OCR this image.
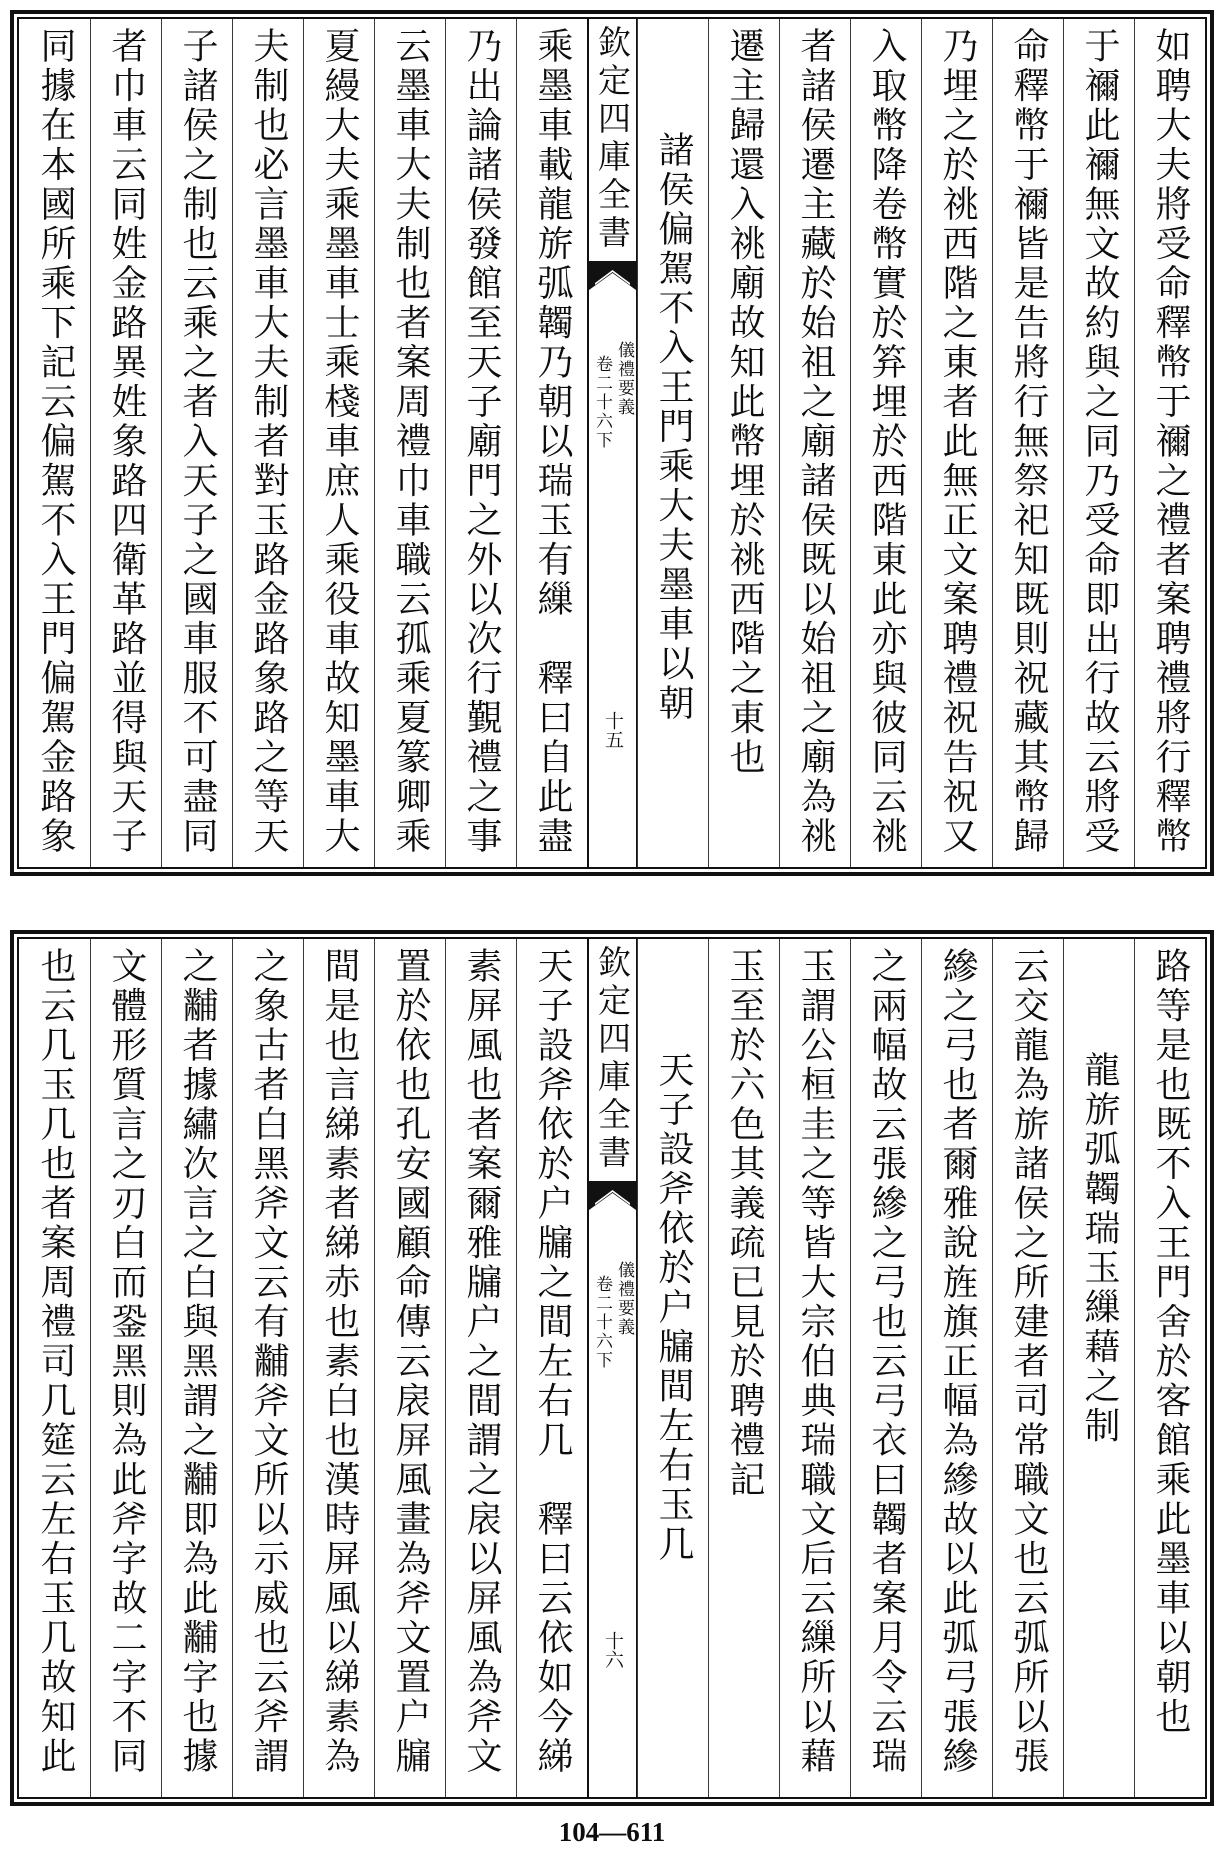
如聘大夫將受命釋幣于禰之禮者案聘禮將行釋幣
于禰此禰無文故約與之同乃受命即出行故云將受
命釋幣于禰皆是告將行無祭祀知既則祝藏其幣歸
乃埋之於祧西階之東者此無正文案聘禮祝告祝又
入取幣降卷幣實於笲埋於西階東此亦與彼同云祧
者諸侯遷主藏於始祖之廟諸侯既以始祖之廟為祧
遷主歸還入祧廟故知此幣埋於祧西階之東也
諸侯偏駕不入王門乘大夫墨車以朝
欽定四庫全書
儀禮要義
卷二十六下
十五
乘墨車載龍旂弧韣乃朝以瑞玉有繅　釋曰自此盡
乃出論諸侯發館至天子廟門之外以次行覲禮之事
云墨車大夫制也者案周禮巾車職云孤乘夏篆卿乘
夏縵大夫乘墨車士乘棧車庶人乘役車故知墨車大
夫制也必言墨車大夫制者對玉路金路象路之等天
子諸侯之制也云乘之者入天子之國車服不可盡同
者巾車云同姓金路異姓象路四衛革路並得與天子
同據在本國所乘下記云偏駕不入王門偏駕金路象
路等是也既不入王門舍於客館乘此墨車以朝也
龍旂弧韣瑞玉繅藉之制
云交龍為旂諸侯之所建者司常職文也云弧所以張
縿之弓也者爾雅說旌旗正幅為縿故以此弧弓張縿
之兩幅故云張縿之弓也云弓衣曰韣者案月令云瑞
玉謂公桓圭之等皆大宗伯典瑞職文后云繅所以藉
玉至於六色其義疏已見於聘禮記
天子設斧依於户牖間左右玉几
欽定四庫全書
儀禮要義
卷二十六下
十六
天子設斧依於户牖之間左右几　釋曰云依如今綈
素屏風也者案爾雅牖户之間謂之扆以屏風為斧文
置於依也孔安國顧命傳云扆屏風畫為斧文置户牖
間是也言綈素者綈赤也素白也漢時屏風以綈素為
之象古者白黑斧文云有黼斧文所以示威也云斧謂
之黼者據繡次言之白與黑謂之黼即為此黼字也據
文體形質言之刃白而銎黑則為此斧字故二字不同
也云几玉几也者案周禮司几筵云左右玉几故知此
104—611
